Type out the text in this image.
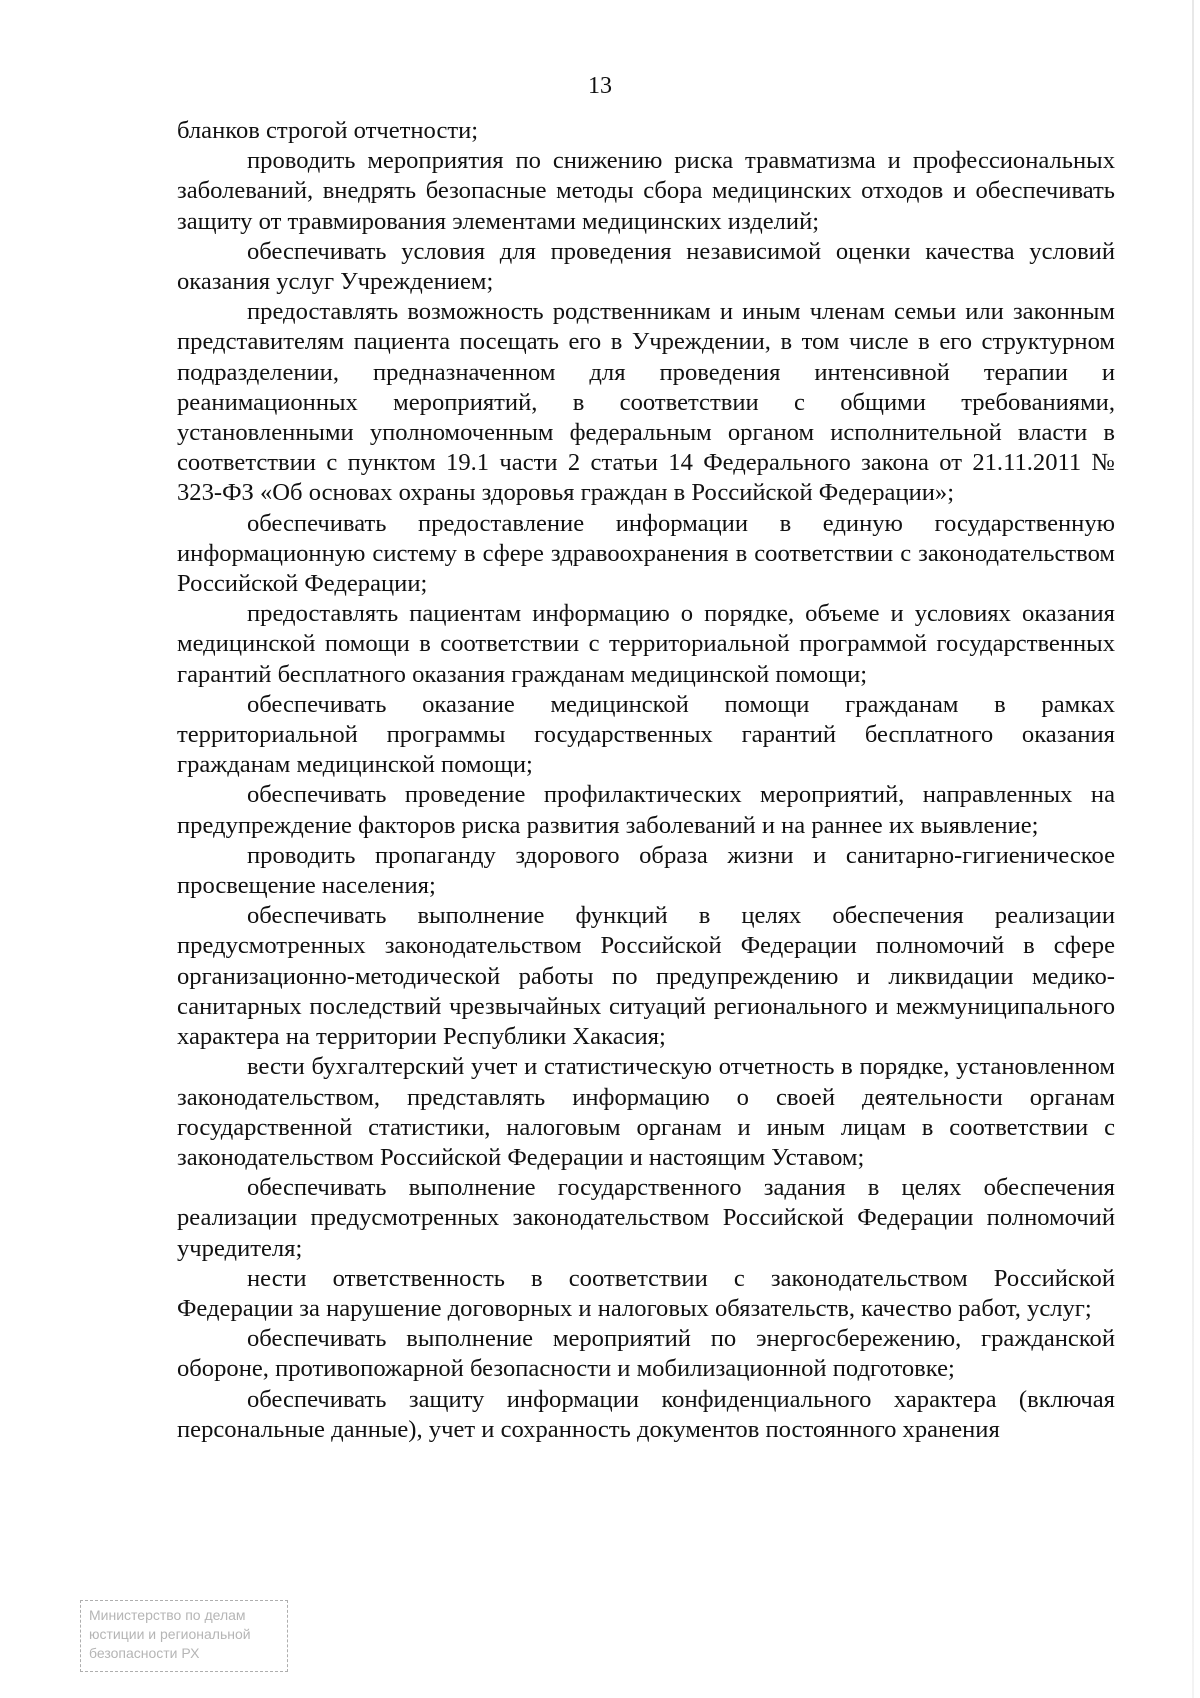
13

бланков строгой отчетности;

проводить мероприятия по снижению риска травматизма и профессиональных заболеваний, внедрять безопасные методы сбора медицинских отходов и обеспечивать защиту от травмирования элементами медицинских изделий;

обеспечивать условия для проведения независимой оценки качества условий оказания услуг Учреждением;

предоставлять возможность родственникам и иным членам семьи или законным представителям пациента посещать его в Учреждении, в том числе в его структурном подразделении, предназначенном для проведения интенсивной терапии и реанимационных мероприятий, в соответствии с общими требованиями, установленными уполномоченным федеральным органом исполнительной власти в соответствии с пунктом 19.1 части 2 статьи 14 Федерального закона от 21.11.2011 № 323-ФЗ «Об основах охраны здоровья граждан в Российской Федерации»;

обеспечивать предоставление информации в единую государственную информационную систему в сфере здравоохранения в соответствии с законодательством Российской Федерации;

предоставлять пациентам информацию о порядке, объеме и условиях оказания медицинской помощи в соответствии с территориальной программой государственных гарантий бесплатного оказания гражданам медицинской помощи;

обеспечивать оказание медицинской помощи гражданам в рамках территориальной программы государственных гарантий бесплатного оказания гражданам медицинской помощи;

обеспечивать проведение профилактических мероприятий, направленных на предупреждение факторов риска развития заболеваний и на раннее их выявление;

проводить пропаганду здорового образа жизни и санитарно-гигиеническое просвещение населения;

обеспечивать выполнение функций в целях обеспечения реализации предусмотренных законодательством Российской Федерации полномочий в сфере организационно-методической работы по предупреждению и ликвидации медико-санитарных последствий чрезвычайных ситуаций регионального и межмуниципального характера на территории Республики Хакасия;

вести бухгалтерский учет и статистическую отчетность в порядке, установленном законодательством, представлять информацию о своей деятельности органам государственной статистики, налоговым органам и иным лицам в соответствии с законодательством Российской Федерации и настоящим Уставом;

обеспечивать выполнение государственного задания в целях обеспечения реализации предусмотренных законодательством Российской Федерации полномочий учредителя;

нести ответственность в соответствии с законодательством Российской Федерации за нарушение договорных и налоговых обязательств, качество работ, услуг;

обеспечивать выполнение мероприятий по энергосбережению, гражданской обороне, противопожарной безопасности и мобилизационной подготовке;

обеспечивать защиту информации конфиденциального характера (включая персональные данные), учет и сохранность документов постоянного хранения

Министерство по делам
юстиции и региональной
безопасности РХ
